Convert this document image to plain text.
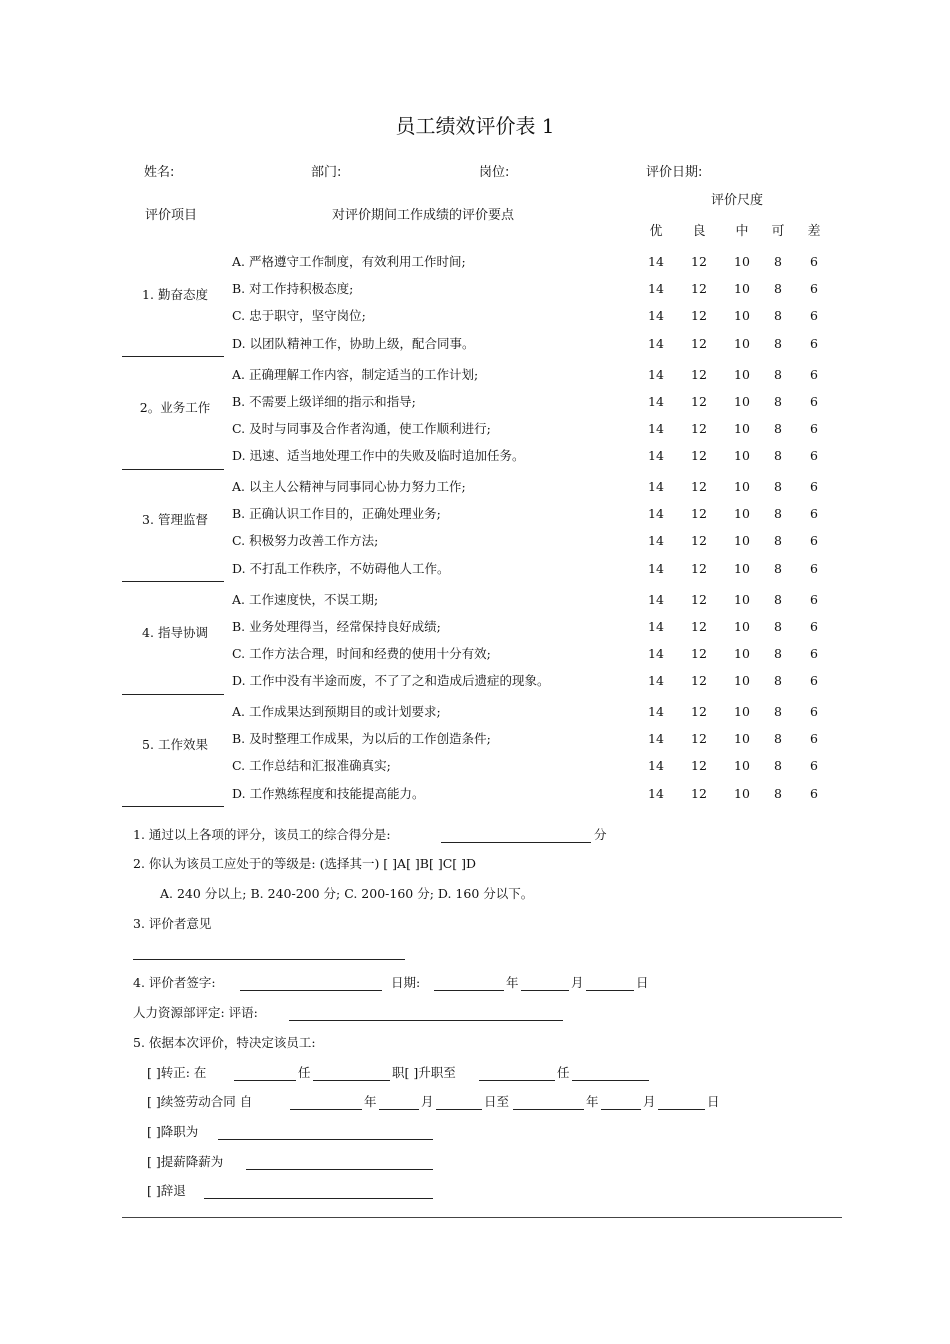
员工绩效评价表 1
姓名:	部门:	岗位:	评价日期:
评价项目	对评价期间工作成绩的评价要点
评价尺度
优	良	中	可	差
1. 勤奋态度
A. 严格遵守工作制度，有效利用工作时间;	14	12	10	8	6
B. 对工作持积极态度;	14	12	10	8	6
C. 忠于职守，坚守岗位;	14	12	10	8	6
D. 以团队精神工作，协助上级，配合同事。	14	12	10	8	6
2。业务工作
A. 正确理解工作内容，制定适当的工作计划;	14	12	10	8	6
B. 不需要上级详细的指示和指导;	14	12	10	8	6
C. 及时与同事及合作者沟通，使工作顺利进行;	14	12	10	8	6
D. 迅速、适当地处理工作中的失败及临时追加任务。	14	12	10	8	6
3. 管理监督
A. 以主人公精神与同事同心协力努力工作;	14	12	10	8	6
B. 正确认识工作目的，正确处理业务;	14	12	10	8	6
C. 积极努力改善工作方法;	14	12	10	8	6
D. 不打乱工作秩序，不妨碍他人工作。	14	12	10	8	6
4. 指导协调
A. 工作速度快，不误工期;	14	12	10	8	6
B. 业务处理得当，经常保持良好成绩;	14	12	10	8	6
C. 工作方法合理，时间和经费的使用十分有效;	14	12	10	8	6
D. 工作中没有半途而废，不了了之和造成后遗症的现象。	14	12	10	8	6
5. 工作效果
A. 工作成果达到预期目的或计划要求;	14	12	10	8	6
B. 及时整理工作成果，为以后的工作创造条件;	14	12	10	8	6
C. 工作总结和汇报准确真实;	14	12	10	8	6
D. 工作熟练程度和技能提高能力。	14	12	10	8	6
1. 通过以上各项的评分，该员工的综合得分是:	分
2. 你认为该员工应处于的等级是: (选择其一) [ ]A[ ]B[ ]C[ ]D
A. 240 分以上; B. 240-200 分; C. 200-160 分; D. 160 分以下。
3. 评价者意见
4. 评价者签字:	日期:	年	月	日
人力资源部评定: 评语:
5. 依据本次评价，特决定该员工:
[ ]转正: 在	任	职[ ]升职至	任
[ ]续签劳动合同 自	年	月	日至	年	月	日
[ ]降职为
[ ]提薪降薪为
[ ]辞退
